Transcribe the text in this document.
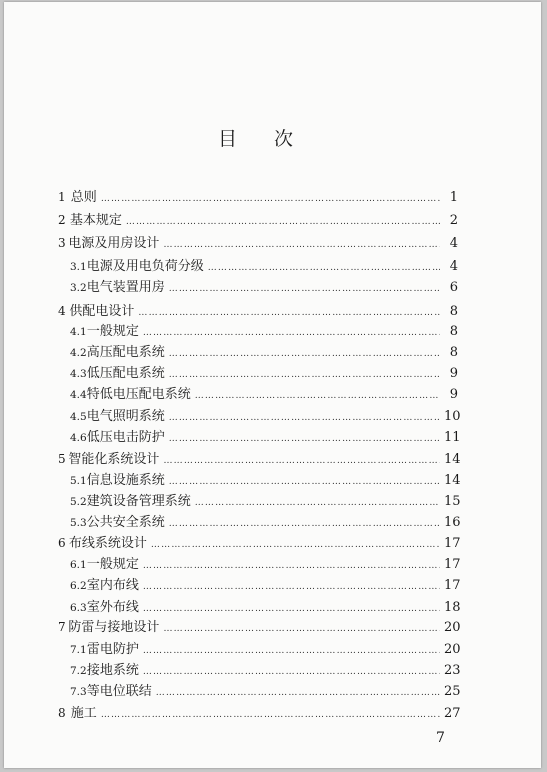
目 次
1 总则 …………………………………………………………………………………………………………………………………………	1
2 基本规定 …………………………………………………………………………………………………………………………………………	2
3 电源及用房设计 …………………………………………………………………………………………………………………………………………	4
3.1 电源及用电负荷分级 …………………………………………………………………………………………………………………………………………	4
3.2 电气装置用房 …………………………………………………………………………………………………………………………………………	6
4 供配电设计 …………………………………………………………………………………………………………………………………………	8
4.1 一般规定 …………………………………………………………………………………………………………………………………………	8
4.2 高压配电系统 …………………………………………………………………………………………………………………………………………	8
4.3 低压配电系统 …………………………………………………………………………………………………………………………………………	9
4.4 特低电压配电系统 …………………………………………………………………………………………………………………………………………	9
4.5 电气照明系统 …………………………………………………………………………………………………………………………………………	10
4.6 低压电击防护 …………………………………………………………………………………………………………………………………………	11
5 智能化系统设计 …………………………………………………………………………………………………………………………………………	14
5.1 信息设施系统 …………………………………………………………………………………………………………………………………………	14
5.2 建筑设备管理系统 …………………………………………………………………………………………………………………………………………	15
5.3 公共安全系统 …………………………………………………………………………………………………………………………………………	16
6 布线系统设计 …………………………………………………………………………………………………………………………………………	17
6.1 一般规定 …………………………………………………………………………………………………………………………………………	17
6.2 室内布线 …………………………………………………………………………………………………………………………………………	17
6.3 室外布线 …………………………………………………………………………………………………………………………………………	18
7 防雷与接地设计 …………………………………………………………………………………………………………………………………………	20
7.1 雷电防护 …………………………………………………………………………………………………………………………………………	20
7.2 接地系统 …………………………………………………………………………………………………………………………………………	23
7.3 等电位联结 …………………………………………………………………………………………………………………………………………	25
8 施工 …………………………………………………………………………………………………………………………………………	27
7
